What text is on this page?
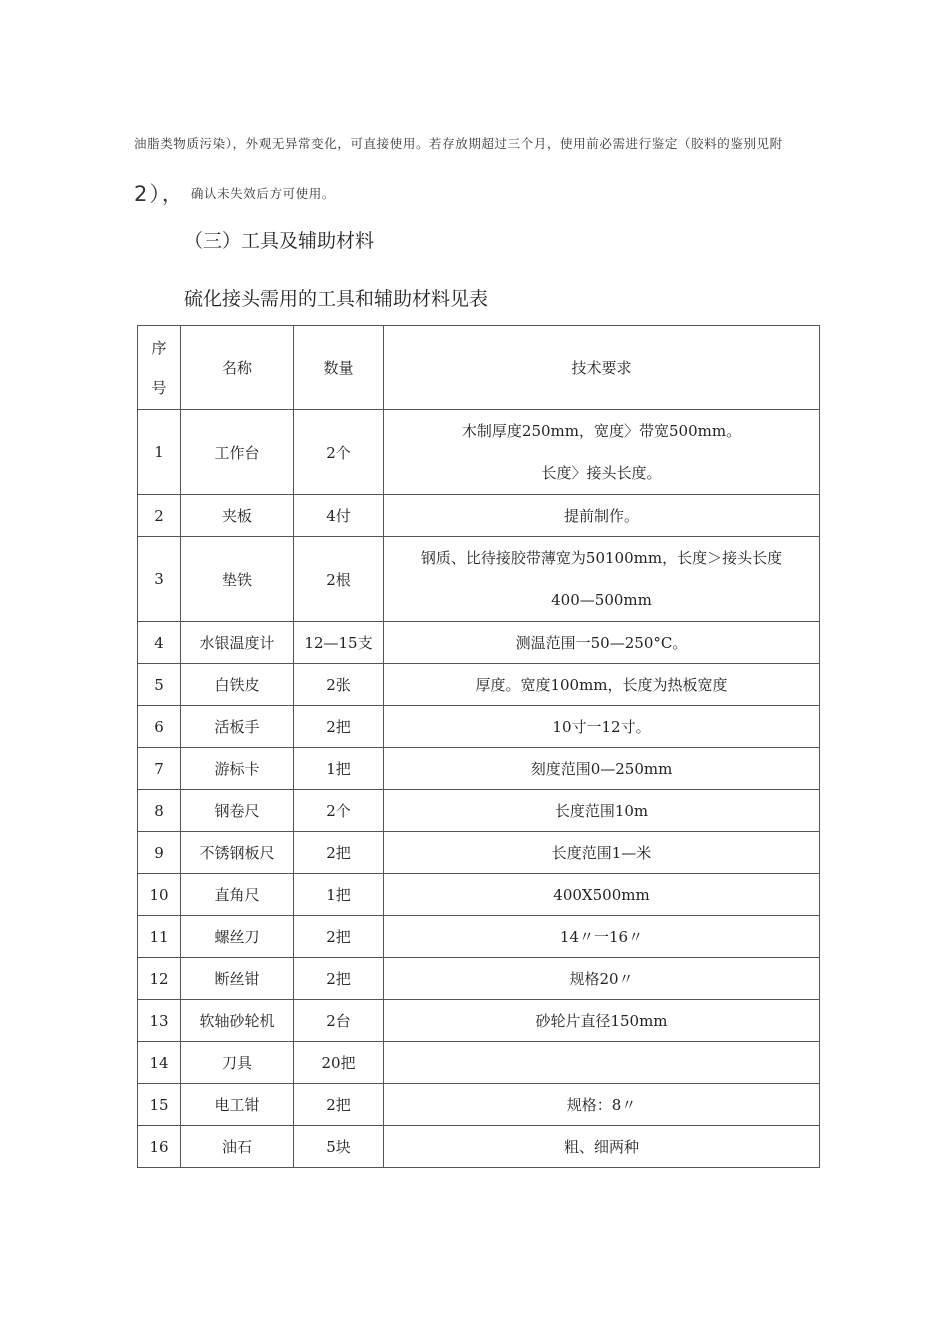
油脂类物质污染），外观无异常变化，可直接使用。若存放期超过三个月，使用前必需进行鉴定（胶料的鉴别见附
2）， 确认未失效后方可使用。
（三）工具及辅助材料
硫化接头需用的工具和辅助材料见表
序
号	名称	数量	技术要求
1	工作台	2个	木制厚度250mm，宽度〉带宽500mm。
长度〉接头长度。

2	夹板	4付	提前制作。
3	垫铁	2根	钢质、比待接胶带薄宽为50100mm，长度＞接头长度
400—500mm

4	水银温度计	12—15支	测温范围一50—250°C。
5	白铁皮	2张	厚度。宽度100mm，长度为热板宽度
6	活板手	2把	10寸一12寸。
7	游标卡	1把	刻度范围0—250mm
8	钢卷尺	2个	长度范围10m
9	不锈钢板尺	2把	长度范围1—米
10	直角尺	1把	400X500mm
11	螺丝刀	2把	14〃一16〃
12	断丝钳	2把	规格20〃
13	软轴砂轮机	2台	砂轮片直径150mm
14	刀具	20把	
15	电工钳	2把	规格：8〃
16	油石	5块	粗、细两种
